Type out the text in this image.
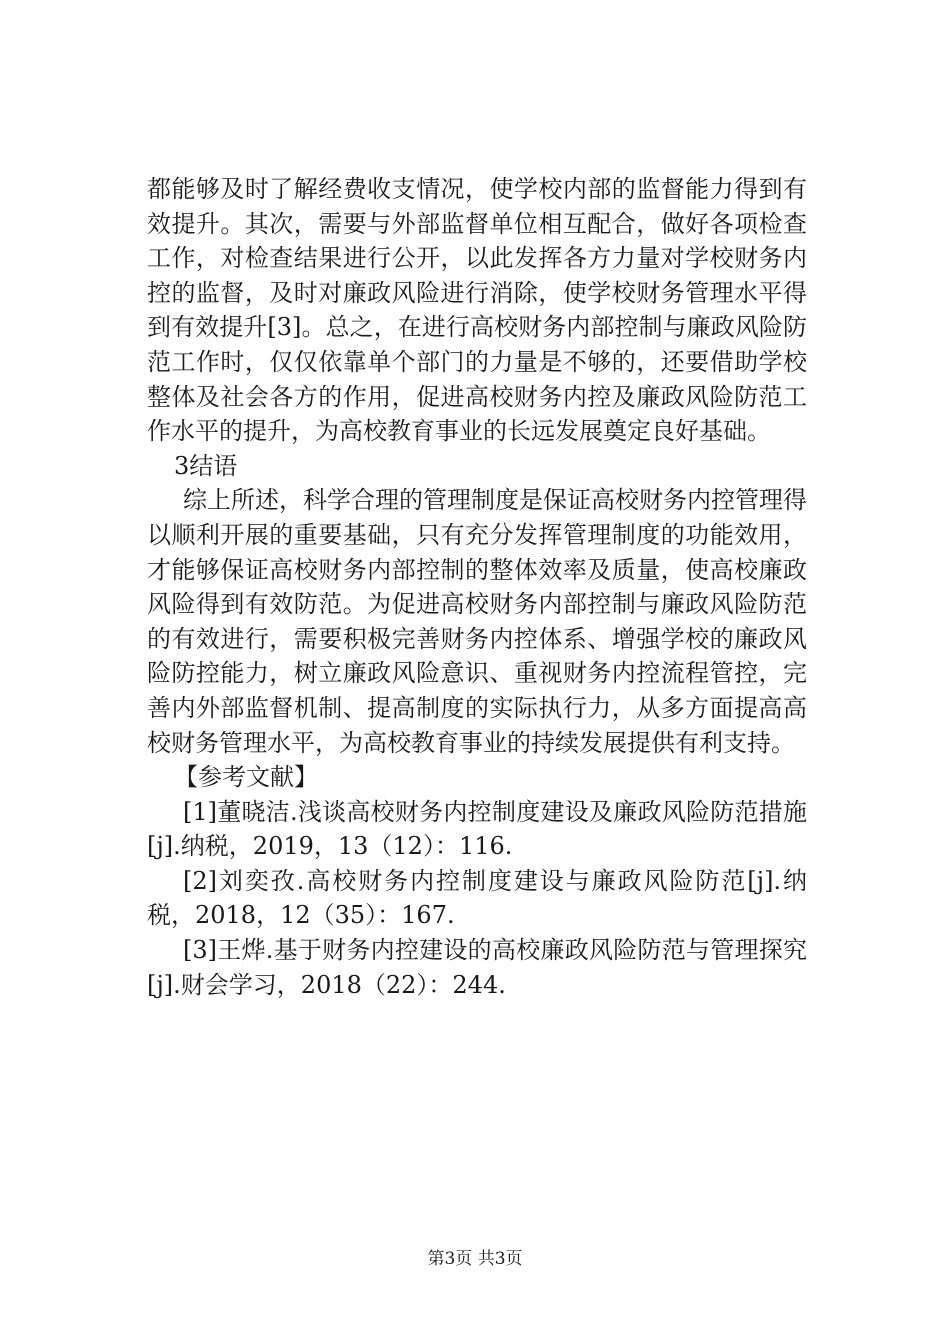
都能够及时了解经费收支情况，使学校内部的监督能力得到有效提升。其次，需要与外部监督单位相互配合，做好各项检查工作，对检查结果进行公开，以此发挥各方力量对学校财务内控的监督，及时对廉政风险进行消除，使学校财务管理水平得到有效提升[3]。总之，在进行高校财务内部控制与廉政风险防范工作时，仅仅依靠单个部门的力量是不够的，还要借助学校整体及社会各方的作用，促进高校财务内控及廉政风险防范工作水平的提升，为高校教育事业的长远发展奠定良好基础。

3结语

综上所述，科学合理的管理制度是保证高校财务内控管理得以顺利开展的重要基础，只有充分发挥管理制度的功能效用，才能够保证高校财务内部控制的整体效率及质量，使高校廉政风险得到有效防范。为促进高校财务内部控制与廉政风险防范的有效进行，需要积极完善财务内控体系、增强学校的廉政风险防控能力，树立廉政风险意识、重视财务内控流程管控，完善内外部监督机制、提高制度的实际执行力，从多方面提高高校财务管理水平，为高校教育事业的持续发展提供有利支持。

【参考文献】

[1]董晓洁.浅谈高校财务内控制度建设及廉政风险防范措施[j].纳税，2019，13（12）：116.

[2]刘奕孜.高校财务内控制度建设与廉政风险防范[j].纳税，2018，12（35）：167.

[3]王烨.基于财务内控建设的高校廉政风险防范与管理探究[j].财会学习，2018（22）：244.

第3页 共3页
